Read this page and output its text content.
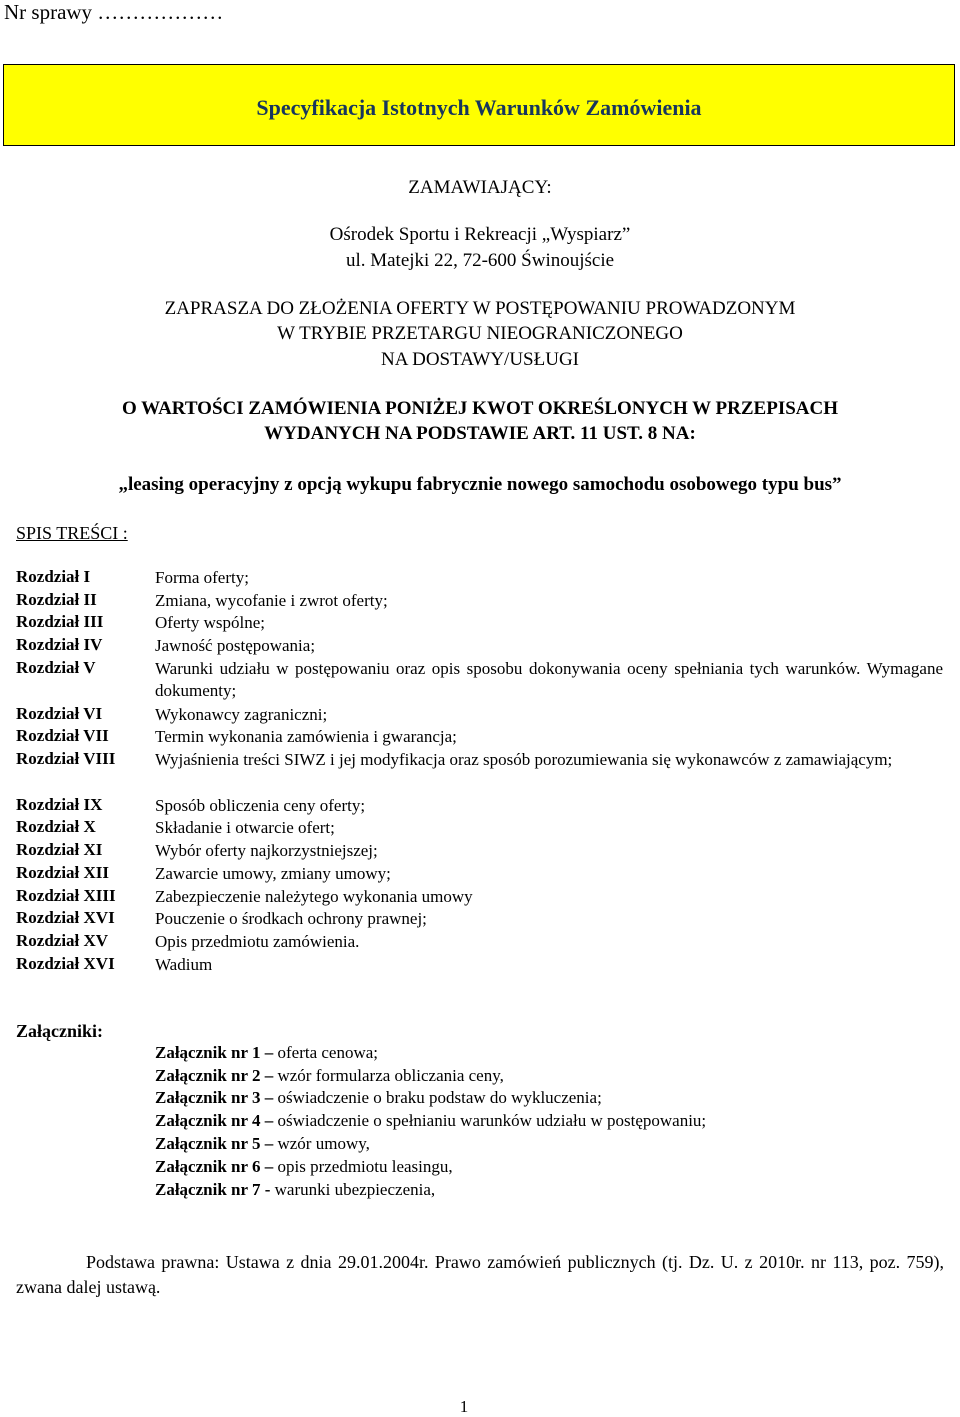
Nr sprawy ………………
Specyfikacja Istotnych Warunków Zamówienia
ZAMAWIAJĄCY:
Ośrodek Sportu i Rekreacji „Wyspiarz”
ul. Matejki 22, 72-600 Świnoujście
ZAPRASZA DO ZŁOŻENIA OFERTY W POSTĘPOWANIU PROWADZONYM
W TRYBIE PRZETARGU NIEOGRANICZONEGO
NA DOSTAWY/USŁUGI
O WARTOŚCI ZAMÓWIENIA PONIŻEJ KWOT OKREŚLONYCH W PRZEPISACH
WYDANYCH NA PODSTAWIE ART. 11 UST. 8 NA:
„leasing operacyjny z opcją wykupu fabrycznie nowego samochodu osobowego typu bus”
SPIS TREŚCI :
Rozdział I	Forma oferty;
Rozdział II	Zmiana, wycofanie i zwrot oferty;
Rozdział III	Oferty wspólne;
Rozdział IV	Jawność postępowania;
Rozdział V	Warunki udziału w postępowaniu oraz opis sposobu dokonywania oceny spełniania tych warunków. Wymagane dokumenty;
Rozdział VI	Wykonawcy zagraniczni;
Rozdział VII	Termin wykonania zamówienia i gwarancja;
Rozdział VIII Wyjaśnienia treści SIWZ i jej modyfikacja oraz sposób porozumiewania się wykonawców z zamawiającym;
Rozdział IX	Sposób obliczenia ceny oferty;
Rozdział X	Składanie i otwarcie ofert;
Rozdział XI	Wybór oferty najkorzystniejszej;
Rozdział XII	Zawarcie umowy, zmiany umowy;
Rozdział XIII Zabezpieczenie należytego wykonania umowy
Rozdział XVI Pouczenie o środkach ochrony prawnej;
Rozdział XV	Opis przedmiotu zamówienia.
Rozdział XVI Wadium
Załączniki:
Załącznik nr 1 – oferta cenowa;
Załącznik nr 2 – wzór formularza obliczania ceny,
Załącznik nr 3 – oświadczenie o braku podstaw do wykluczenia;
Załącznik nr 4 – oświadczenie o spełnianiu warunków udziału w postępowaniu;
Załącznik nr 5 – wzór umowy,
Załącznik nr 6 – opis przedmiotu leasingu,
Załącznik nr 7 - warunki ubezpieczenia,
Podstawa prawna: Ustawa z dnia 29.01.2004r. Prawo zamówień publicznych (tj. Dz. U. z 2010r. nr 113, poz. 759), zwana dalej ustawą.
1
